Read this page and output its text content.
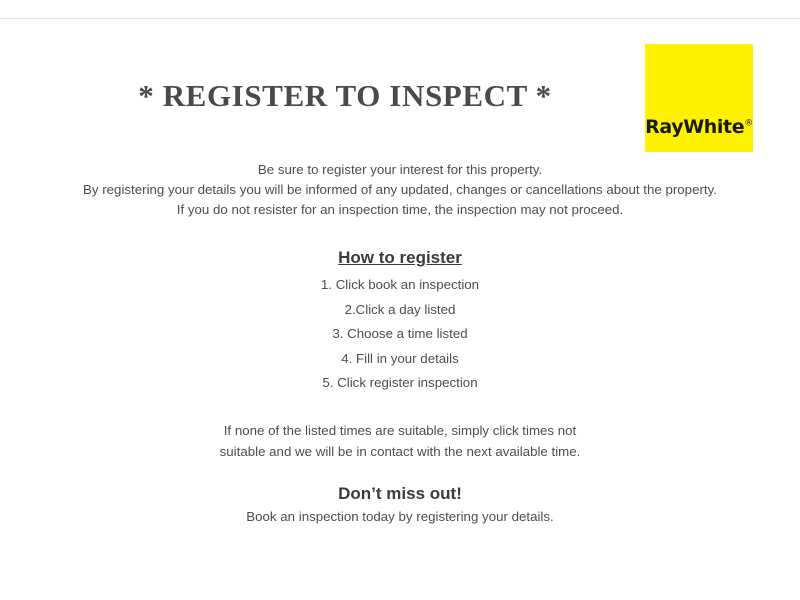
RayWhite®
* REGISTER TO INSPECT *
Be sure to register your interest for this property.
By registering your details you will be informed of any updated, changes or cancellations about the property.
If you do not resister for an inspection time, the inspection may not proceed.
How to register
1. Click book an inspection
2.Click a day listed
3. Choose a time listed
4. Fill in your details
5. Click register inspection
If none of the listed times are suitable, simply click times not
suitable and we will be in contact with the next available time.
Don’t miss out!
Book an inspection today by registering your details.
